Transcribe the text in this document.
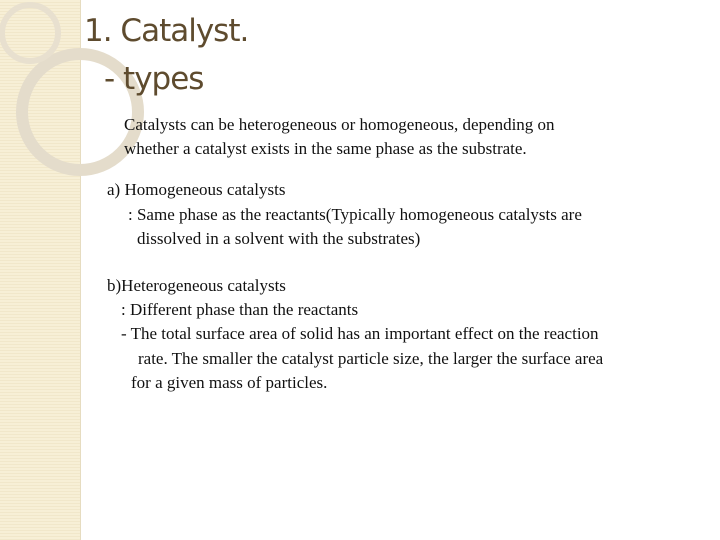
1. Catalyst.
- types
Catalysts can be heterogeneous or homogeneous, depending on
whether a catalyst exists in the same phase as the substrate.
a) Homogeneous catalysts
: Same phase as the reactants(Typically homogeneous catalysts are
dissolved in a solvent with the substrates)
b)Heterogeneous catalysts
: Different phase than the reactants
- The total surface area of solid has an important effect on the reaction
rate. The smaller the catalyst particle size, the larger the surface area
for a given mass of particles.
